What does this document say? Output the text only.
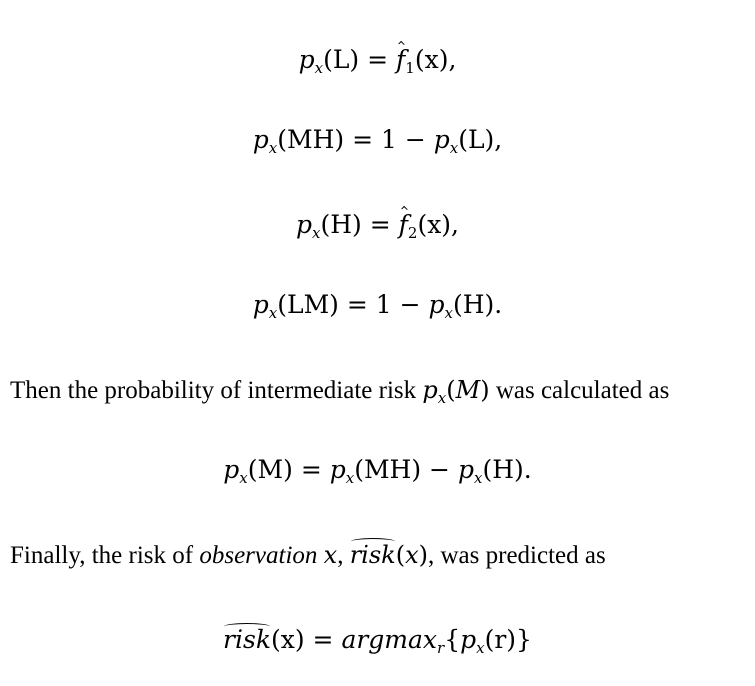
$p_x(L) = f_1(x)$,
$p_x(MH) = 1 - p_x(L)$,
$p_x(H) = f_2(x)$,
$p_x(LM) = 1 - p_x(H)$.
Then the probability of intermediate risk $p_x(M)$ was calculated as
$p_x(M) = p_x(MH) - p_x(H)$.
Finally, the risk of observation x, risk(x), was predicted as
risk(x) = $argmax_r\{p_x(r)\}$
